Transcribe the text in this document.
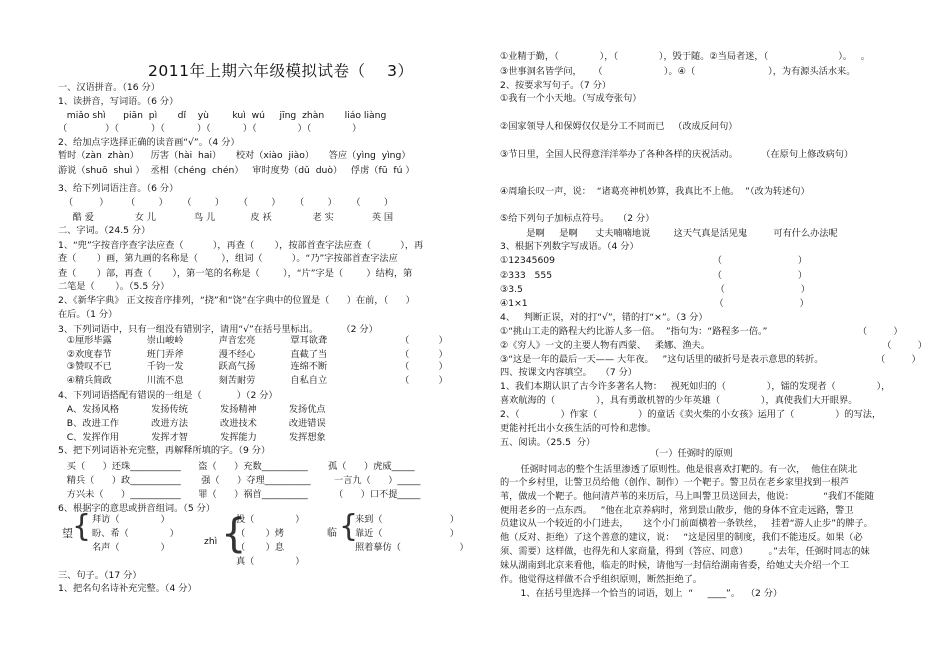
2011年上期六年级模拟试卷（    3）
一、汉语拼音。（16 分）
1、读拼音，写词语。（6 分）
miǎo shì      piān  pì       dǐ    yù        kuì  wú     jīng  zhàn       liáo liàng
（             ）（           ）（           ）（           ）（              ）（              ）
2、给加点字选择正确的读音画“√”。（4 分）
暂时（zàn  zhàn）    厉害（hài  hai）     校对（xiào  jiào）     答应（yìng  yìng）
游说（shuō  shuì ）  丞相（chéng  chén）   审时度势（dǔ  duò）   俘虏（fū  fú ）
3、给下列词语注音。（6 分）
（         ）      （        ）     （        ）     （        ）     （        ）     （        ）
酷 爱              女 儿             鸟 儿            皮 袄              老 实             英 国
二、字词。（24.5 分）
1、“兜”字按音序查字法应查（          ），再查（       ），按部首查字法应查（          ），再
查（       ）画，第九画的名称是（        ），组词（          ）。“乃”字按部首查字法应
查（       ）部，再查（       ），第一笔的名称是（        ），“片”字是（        ）结构，第
二笔是（       ）。（5.5 分）
2、《新华字典》 正文按音序排列，“挠”和“饶”在字典中的位置是（      ）在前，（      ）
在后。（1 分）
3、下列词语中，只有一组没有错别字，请用“√”在括号里标出。        （2 分）
①厘形毕露            崇山峻岭            声音宏亮            覃耳欲聋                         （          ）
②欢度春节            班门弄斧            漫不经心            直截了当                         （          ）
③赞叹不已            千钧一发            跃高气扬            连绵不断                         （          ）
④精兵简政            川流不息            刻苦耐劳            自私自立                         （          ）
4、下列词语搭配有错误的一组是（            ）（2 分）
A、发扬风格           发扬传统           发扬精神           发扬优点
B、改进工作           改进方法           改进技术           改进错误
C、发挥作用           发挥才智           发挥能力           发挥想象
5、把下列词语补充完整，再解释所填的字。（9 分）
买（      ）还珠___________      盗（      ）充数__________       孤（      ）虎威_____
精兵（      ）政___________       强（      ）夺理__________        一言九（      ）_____
方兴未（      ）___________      罪（      ）祸首__________         （      ）口不提_____
6、根据字的意思或拼音组词。（5 分）
三、句子。（17 分）
1、把名句名诗补充完整。（4 分）
望 { 拜访（              ）
盼、希（              ）
名声（              ）
zhì {
投（              ）
（       ）烤
（       ）息
真（              ）
临 {
来到（                       ）
靠近（                       ）
照着摹仿（                    ）
①业精于勤，（              ），（              ），毁于随。②当局者迷，（                        ）。   。
③世事洞名皆学问，    （                     ）。④（                         ），为有源头活水来。
2、按要求写句子。（7 分）
①我有一个小天地。（写成夸张句）
②国家领导人和保姆仅仅是分工不同而已   （改成反问句）
③节日里，全国人民得意洋洋举办了各种各样的庆祝活动。        （在原句上修改病句）
④周瑜长叹一声，说：  “诸葛亮神机妙算，我真比不上他。  ”（改为转述句）
⑤给下列句子加标点符号。   （2 分）
是啊     是啊      丈夫喃喃地说        这天气真是活见鬼         可有什么办法呢
3、根据下列数字写成语。（4 分）
①12345609                                                      （                          ）
②333   555                                                       （                          ）
③3.5                                                                  （                          ）
④1×1                                                                （                          ）
4、   判断正误，对的打“√”，错的打“×”。（3 分）
①“挑山工走的路程大约比游人多一倍。  ”指句为：“路程多一倍。”                               （         ）
②《穷人》一文的主要人物有西蒙、   柔娜、渔夫。                                                           （         ）
③“这是一年的最后一天—— 大年夜。   ”这句话里的破折号是表示意思的转折。                  （         ）
四、按课文内容填空。   （7 分）
1、我们本期认识了古今许多著名人物：   视死如归的（              ），镭的发现者（              ），
喜欢航海的（              ），具有勇敢机智的少年英雄（              ），真使我们大开眼界。
2、（              ）作家（              ）的童话《卖火柴的小女孩》运用了（              ）的写法，
更能衬托出小女孩生活的可怜和悲惨。
五、阅读。（25.5  分）
任弼时同志的整个生活里渗透了原则性。他是很喜欢打靶的。有一次，  他住在陕北
的一个乡村里，让警卫员给他（创作、制作）一个靶子。警卫员在老乡家里找到一根芦
苇，做成一个靶子。他问清芦苇的来历后，马上叫警卫员送回去，他说：          “我们不能随
便用老乡的一点东西。   ”他在北京养病时，常到景山散步，他的身体不宜走远路，警卫
员建议从一个较近的小门进去，     这个小门前面横着一条铁丝，   挂着“游人止步”的牌子。
他（反对、拒绝）了这个善意的建议，说：   “这是园里的制度，我们不能违反。如果（必
须、需要）这样做，也得先和人家商量，得到（答应、同意）       。”去年，任弼时同志的妹
妹从湖南到北京来看他，临走的时候，请他写一封信给湖南省委，给她丈夫介绍一个工
作。他觉得这样做不合乎组织原则，断然拒绝了。
1、在括号里选择一个恰当的词语，划上  “     ____”。  （2 分）
（一）任弼时的原则
